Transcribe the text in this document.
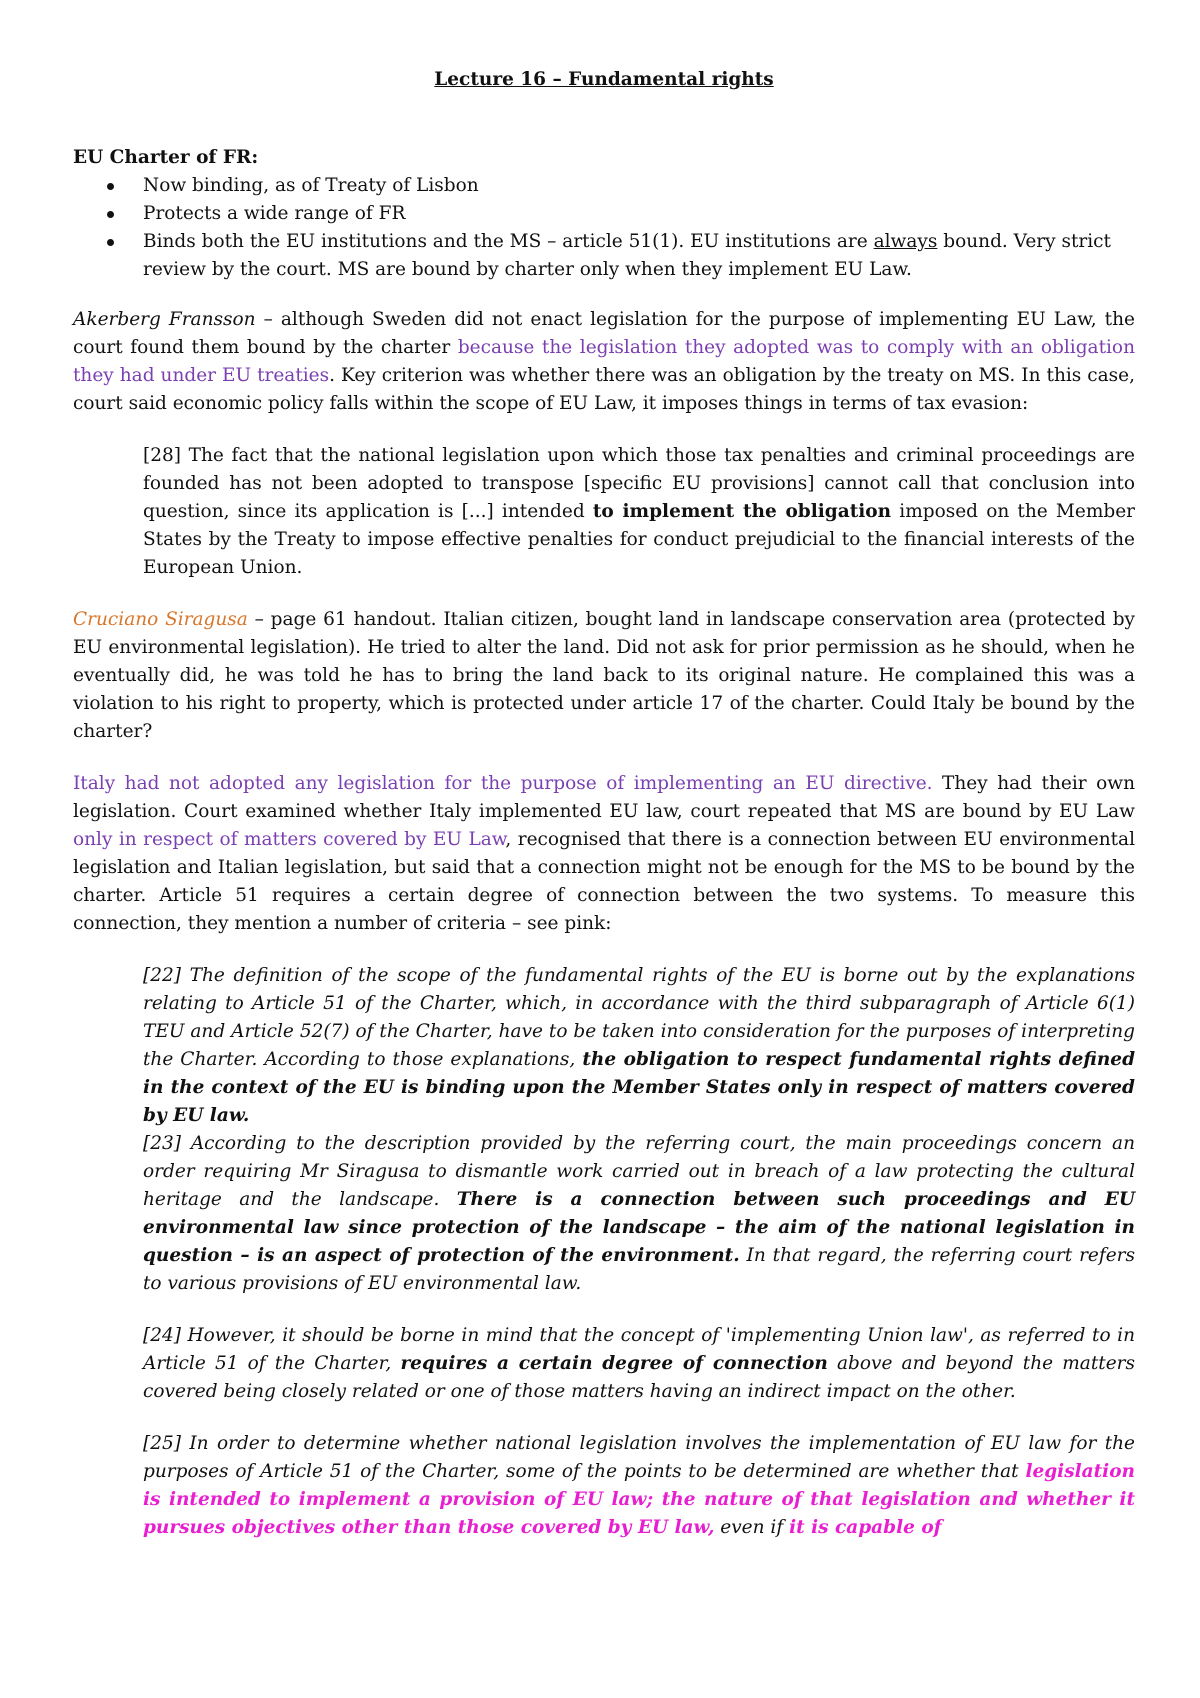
Lecture 16 – Fundamental rights
EU Charter of FR:
Now binding, as of Treaty of Lisbon
Protects a wide range of FR
Binds both the EU institutions and the MS – article 51(1). EU institutions are always bound. Very strict review by the court. MS are bound by charter only when they implement EU Law.

Akerberg Fransson – although Sweden did not enact legislation for the purpose of implementing EU Law, the court found them bound by the charter because the legislation they adopted was to comply with an obligation they had under EU treaties. Key criterion was whether there was an obligation by the treaty on MS. In this case, court said economic policy falls within the scope of EU Law, it imposes things in terms of tax evasion:

[28] The fact that the national legislation upon which those tax penalties and criminal proceedings are founded has not been adopted to transpose [specific EU provisions] cannot call that conclusion into question, since its application is [...] intended to implement the obligation imposed on the Member States by the Treaty to impose effective penalties for conduct prejudicial to the financial interests of the European Union.

Cruciano Siragusa – page 61 handout. Italian citizen, bought land in landscape conservation area (protected by EU environmental legislation). He tried to alter the land. Did not ask for prior permission as he should, when he eventually did, he was told he has to bring the land back to its original nature. He complained this was a violation to his right to property, which is protected under article 17 of the charter. Could Italy be bound by the charter?

Italy had not adopted any legislation for the purpose of implementing an EU directive. They had their own legislation. Court examined whether Italy implemented EU law, court repeated that MS are bound by EU Law only in respect of matters covered by EU Law, recognised that there is a connection between EU environmental legislation and Italian legislation, but said that a connection might not be enough for the MS to be bound by the charter. Article 51 requires a certain degree of connection between the two systems. To measure this connection, they mention a number of criteria – see pink:

[22] The definition of the scope of the fundamental rights of the EU is borne out by the explanations relating to Article 51 of the Charter, which, in accordance with the third subparagraph of Article 6(1) TEU and Article 52(7) of the Charter, have to be taken into consideration for the purposes of interpreting the Charter. According to those explanations, the obligation to respect fundamental rights defined in the context of the EU is binding upon the Member States only in respect of matters covered by EU law.
[23] According to the description provided by the referring court, the main proceedings concern an order requiring Mr Siragusa to dismantle work carried out in breach of a law protecting the cultural heritage and the landscape. There is a connection between such proceedings and EU environmental law since protection of the landscape – the aim of the national legislation in question – is an aspect of protection of the environment. In that regard, the referring court refers to various provisions of EU environmental law.
[24] However, it should be borne in mind that the concept of 'implementing Union law', as referred to in Article 51 of the Charter, requires a certain degree of connection above and beyond the matters covered being closely related or one of those matters having an indirect impact on the other.
[25] In order to determine whether national legislation involves the implementation of EU law for the purposes of Article 51 of the Charter, some of the points to be determined are whether that legislation is intended to implement a provision of EU law; the nature of that legislation and whether it pursues objectives other than those covered by EU law, even if it is capable of
